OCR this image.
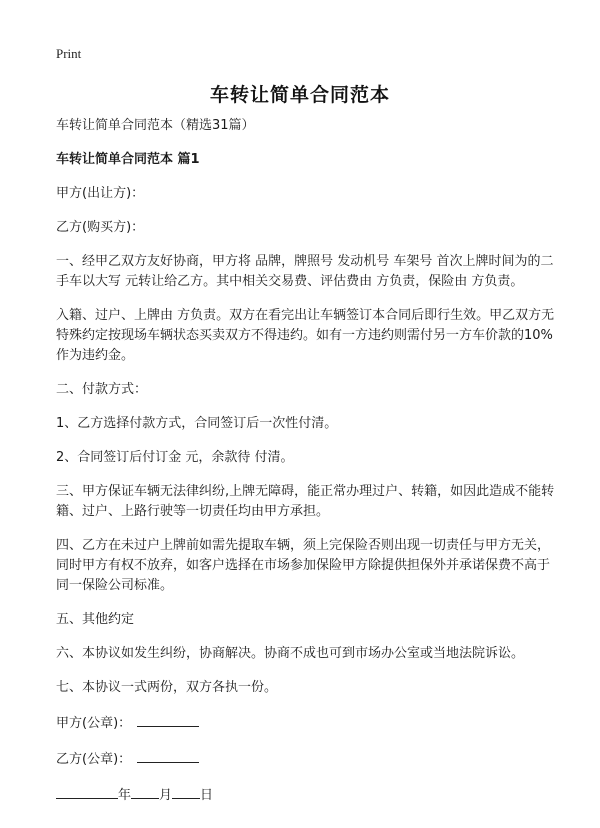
Print
车转让简单合同范本

车转让简单合同范本（精选31篇）

车转让简单合同范本 篇1

甲方(出让方)：

乙方(购买方)：

一、经甲乙双方友好协商，甲方将 品牌，牌照号 发动机号 车架号 首次上牌时间为的二手车以大写 元转让给乙方。其中相关交易费、评估费由 方负责，保险由 方负责。

入籍、过户、上牌由 方负责。双方在看完出让车辆签订本合同后即行生效。甲乙双方无特殊约定按现场车辆状态买卖双方不得违约。如有一方违约则需付另一方车价款的10%作为违约金。

二、付款方式：

1、乙方选择付款方式，合同签订后一次性付清。

2、合同签订后付订金 元，余款待 付清。

三、甲方保证车辆无法律纠纷,上牌无障碍，能正常办理过户、转籍，如因此造成不能转籍、过户、上路行驶等一切责任均由甲方承担。

四、乙方在未过户上牌前如需先提取车辆，须上完保险否则出现一切责任与甲方无关，同时甲方有权不放弃，如客户选择在市场参加保险甲方除提供担保外并承诺保费不高于同一保险公司标准。

五、其他约定

六、本协议如发生纠纷，协商解决。协商不成也可到市场办公室或当地法院诉讼。

七、本协议一式两份，双方各执一份。

甲方(公章)：

乙方(公章)：

年 月 日
